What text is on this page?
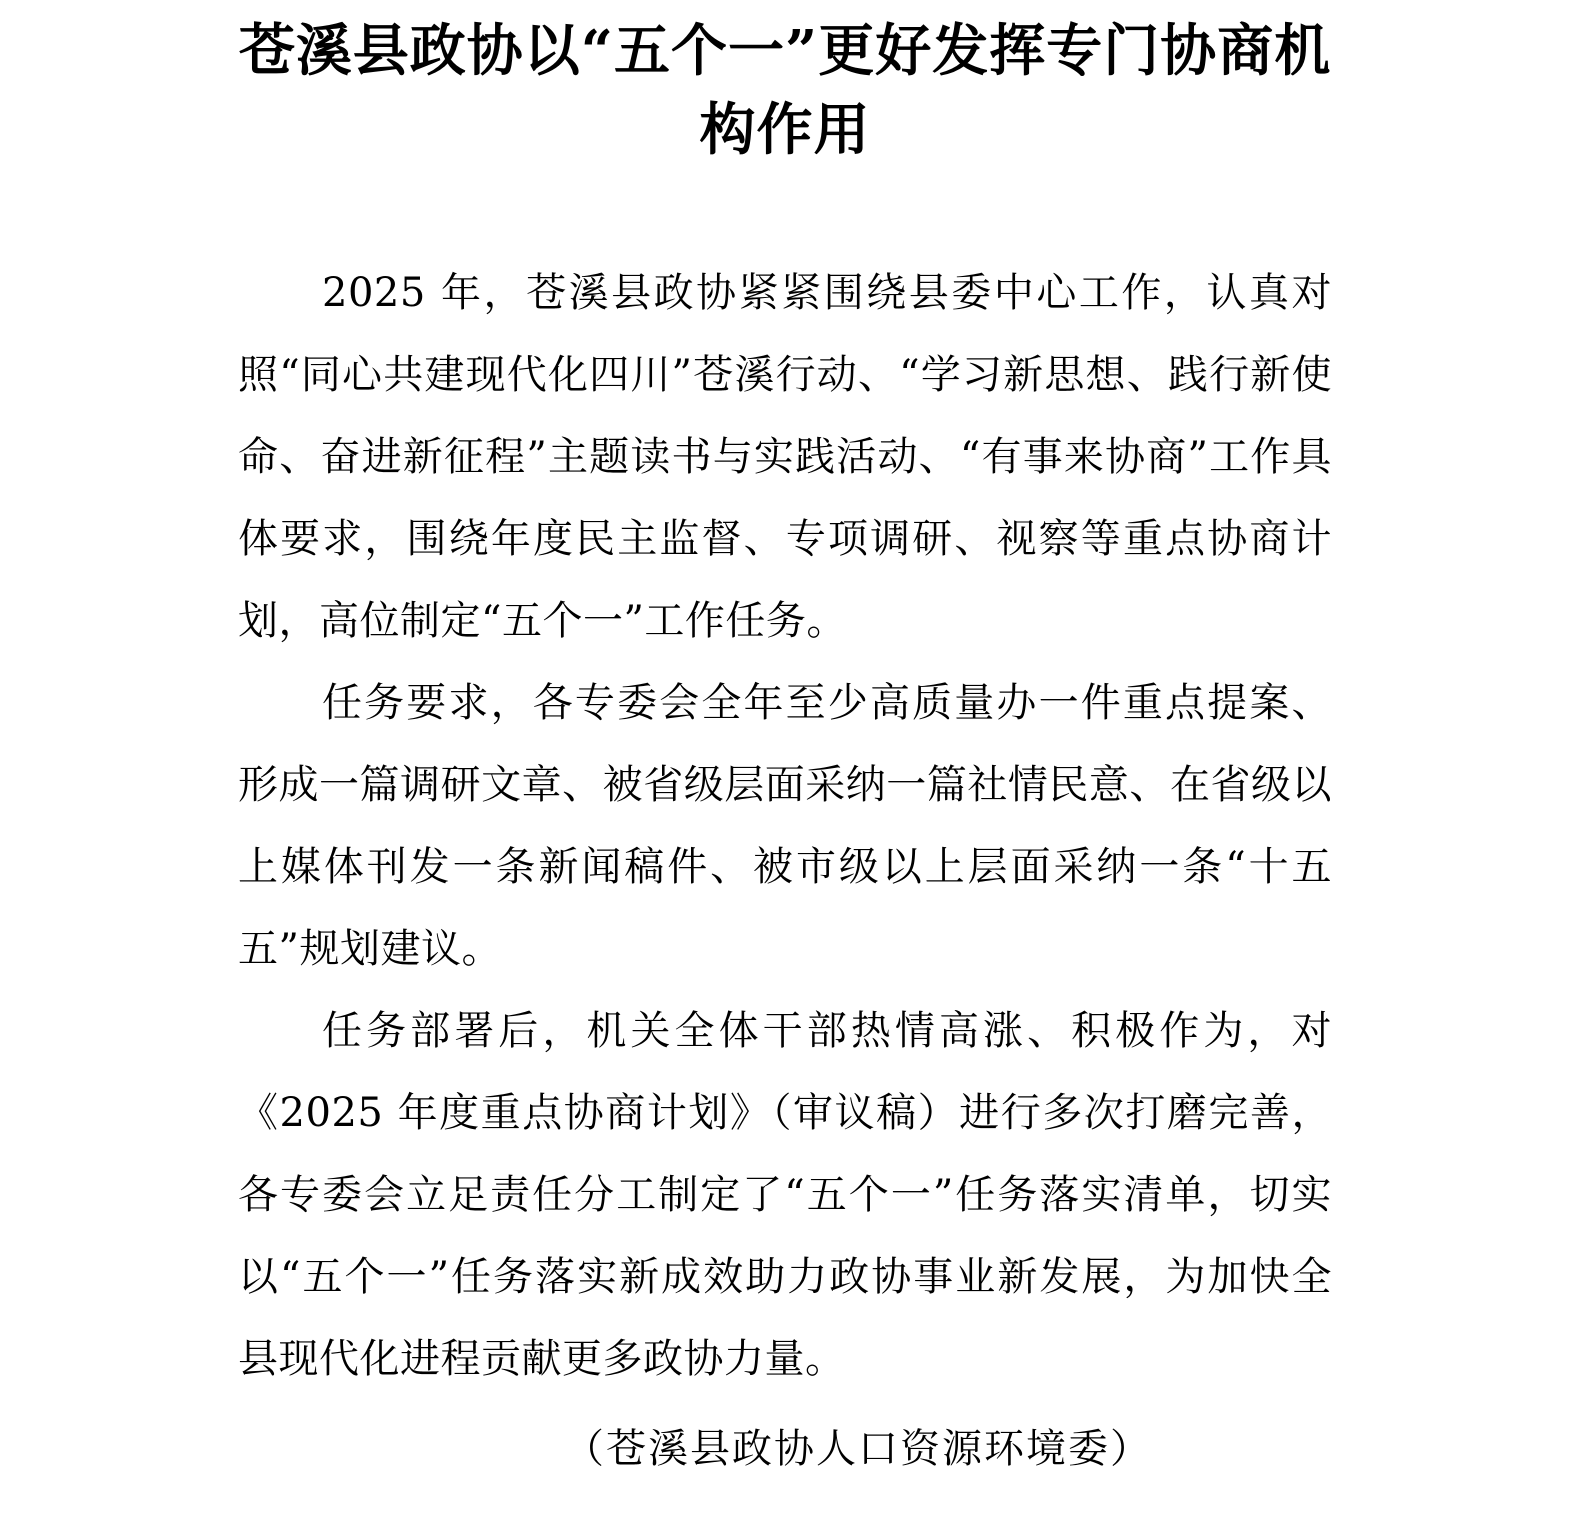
苍溪县政协以“五个一”更好发挥专门协商机构作用

2025 年，苍溪县政协紧紧围绕县委中心工作，认真对照“同心共建现代化四川”苍溪行动、“学习新思想、践行新使命、奋进新征程”主题读书与实践活动、“有事来协商”工作具体要求，围绕年度民主监督、专项调研、视察等重点协商计划，高位制定“五个一”工作任务。

任务要求，各专委会全年至少高质量办一件重点提案、形成一篇调研文章、被省级层面采纳一篇社情民意、在省级以上媒体刊发一条新闻稿件、被市级以上层面采纳一条“十五五”规划建议。

任务部署后，机关全体干部热情高涨、积极作为，对《2025 年度重点协商计划》（审议稿）进行多次打磨完善，各专委会立足责任分工制定了“五个一”任务落实清单，切实以“五个一”任务落实新成效助力政协事业新发展，为加快全县现代化进程贡献更多政协力量。

（苍溪县政协人口资源环境委）
